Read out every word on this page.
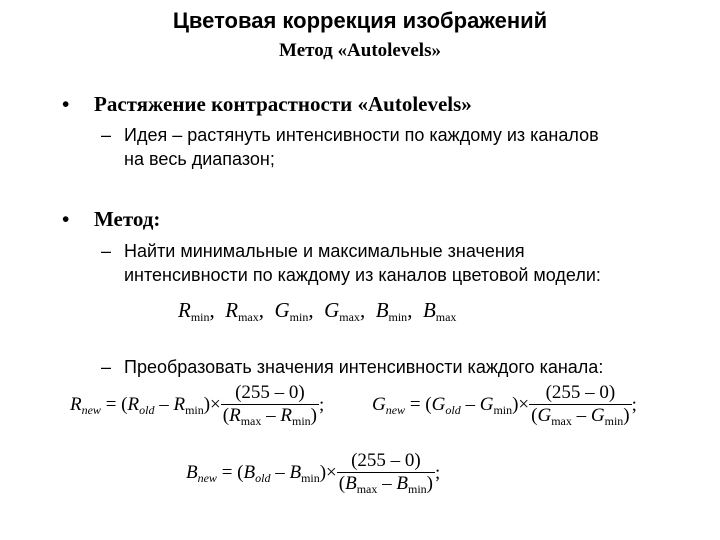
Цветовая коррекция изображений
Метод «Autolevels»
• Растяжение контрастности «Autolevels»
– Идея – растянуть интенсивности по каждому из каналов
на весь диапазон;
• Метод:
– Найти минимальные и максимальные значения
интенсивности по каждому из каналов цветовой модели:
$R_{min}$, $R_{max}$, $G_{min}$, $G_{max}$, $B_{min}$, $B_{max}$
– Преобразовать значения интенсивности каждого канала:
$R_{new} = (R_{old} - R_{min})\times \frac{(255 - 0)}{(R_{max} - R_{min})}$ ;	$G_{new} = (G_{old} - G_{min})\times \frac{(255 - 0)}{(G_{max} - G_{min})}$ ;
$B_{new} = (B_{old} - B_{min})\times \frac{(255 - 0)}{(B_{max} - B_{min})}$ ;
